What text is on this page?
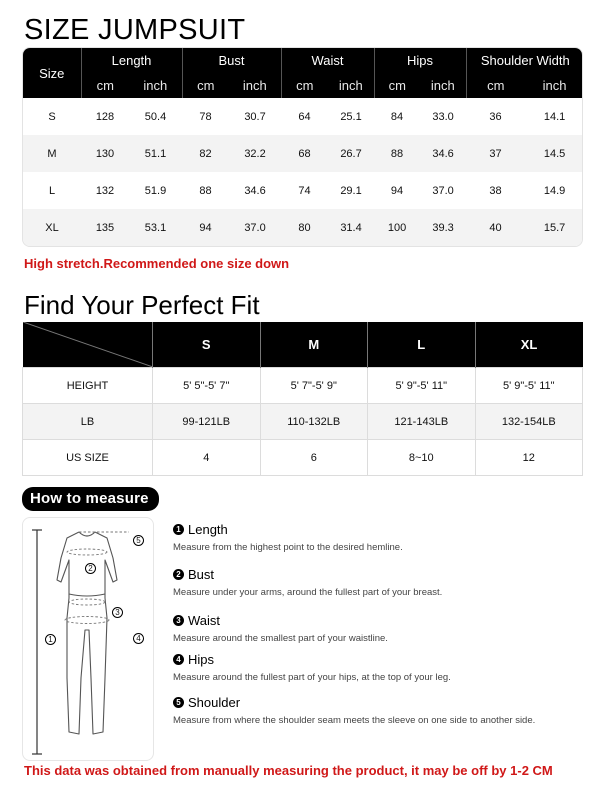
SIZE JUMPSUIT
Size	Length		Bust		Waist		Hips		Shoulder Width	
	cm	inch	cm	inch	cm	inch	cm	inch	cm	inch
S	128	50.4	78	30.7	64	25.1	84	33.0	36	14.1
M	130	51.1	82	32.2	68	26.7	88	34.6	37	14.5
L	132	51.9	88	34.6	74	29.1	94	37.0	38	14.9
XL	135	53.1	94	37.0	80	31.4	100	39.3	40	15.7
High stretch.Recommended one size down
Find Your Perfect Fit
	S	M	L	XL
HEIGHT	5' 5"-5' 7"	5' 7"-5' 9"	5' 9"-5' 11"	5' 9"-5' 11"
LB	99-121LB	110-132LB	121-143LB	132-154LB
US SIZE	4	6	8~10	12
How to measure
1
2
3
4
5
1 Length
Measure from the highest point to the desired hemline.
2 Bust
Measure under your arms, around the fullest part of your breast.
3 Waist
Measure around the smallest part of your waistline.
4 Hips
Measure around the fullest part of your hips, at the top of your leg.
5 Shoulder
Measure from where the shoulder seam meets the sleeve on one side to another side.
This data was obtained from manually measuring the product, it may be off by 1-2 CM
